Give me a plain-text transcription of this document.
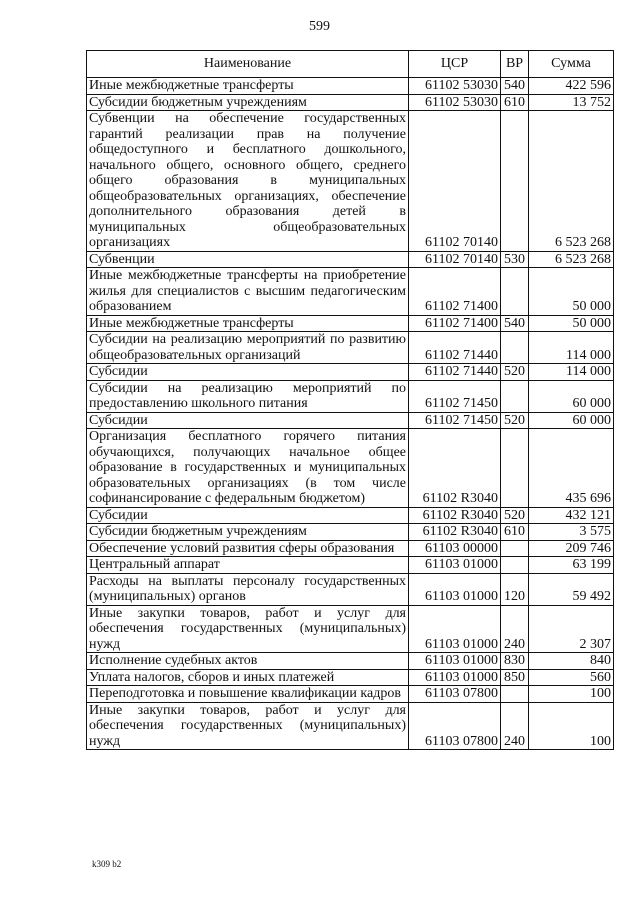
599
Наименование	ЦСР	ВР	Сумма
Иные межбюджетные трансферты	61102 53030	540	422 596
Субсидии бюджетным учреждениям	61102 53030	610	13 752
Субвенции на обеспечение государственных гарантий реализации прав на получение общедоступного и бесплатного дошкольного, начального общего, основного общего, среднего общего образования в муниципальных общеобразовательных организациях, обеспечение дополнительного образования детей в муниципальных общеобразовательных организациях	61102 70140		6 523 268
Субвенции	61102 70140	530	6 523 268
Иные межбюджетные трансферты на приобретение жилья для специалистов с высшим педагогическим образованием	61102 71400		50 000
Иные межбюджетные трансферты	61102 71400	540	50 000
Субсидии на реализацию мероприятий по развитию общеобразовательных организаций	61102 71440		114 000
Субсидии	61102 71440	520	114 000
Субсидии на реализацию мероприятий по предоставлению школьного питания	61102 71450		60 000
Субсидии	61102 71450	520	60 000
Организация бесплатного горячего питания обучающихся, получающих начальное общее образование в государственных и муниципальных образовательных организациях (в том числе софинансирование с федеральным бюджетом)	61102 R3040		435 696
Субсидии	61102 R3040	520	432 121
Субсидии бюджетным учреждениям	61102 R3040	610	3 575
Обеспечение условий развития сферы образования	61103 00000		209 746
Центральный аппарат	61103 01000		63 199
Расходы на выплаты персоналу государственных (муниципальных) органов	61103 01000	120	59 492
Иные закупки товаров, работ и услуг для обеспечения государственных (муниципальных) нужд	61103 01000	240	2 307
Исполнение судебных актов	61103 01000	830	840
Уплата налогов, сборов и иных платежей	61103 01000	850	560
Переподготовка и повышение квалификации кадров	61103 07800		100
Иные закупки товаров, работ и услуг для обеспечения государственных (муниципальных) нужд	61103 07800	240	100
k309 b2
